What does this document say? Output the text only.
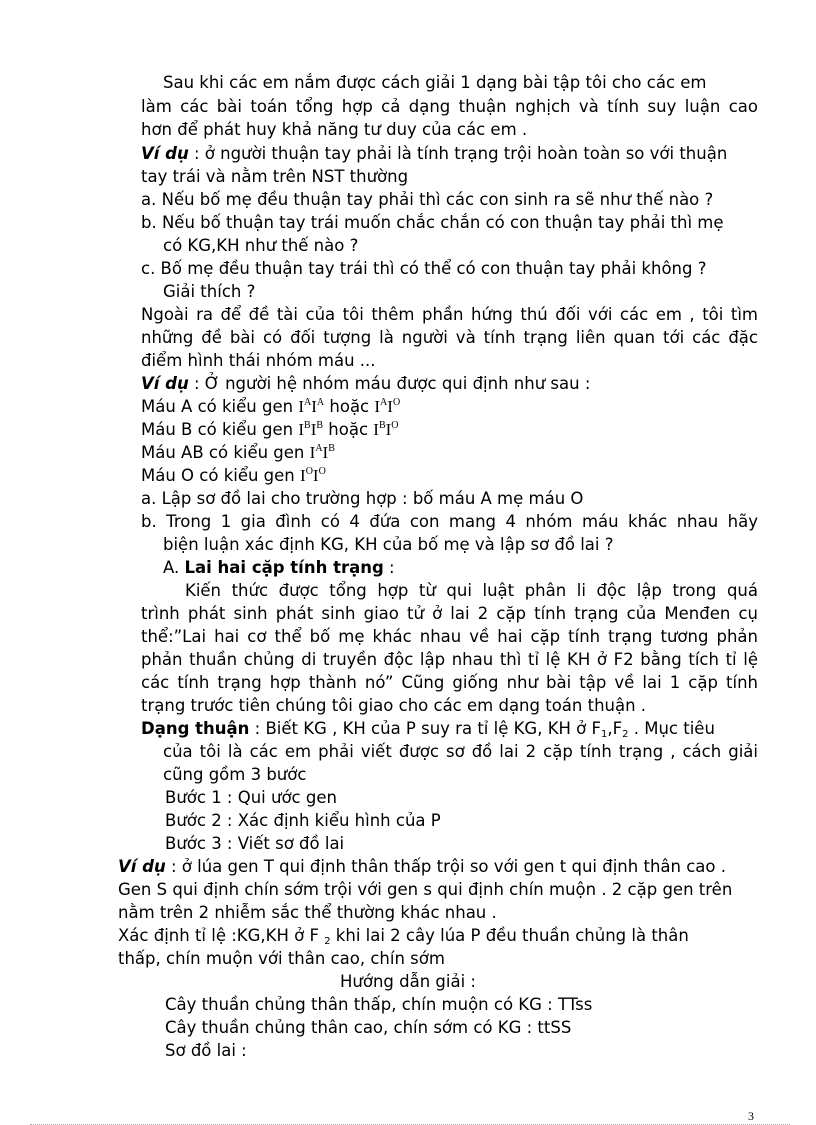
Sau khi các em nắm được cách giải 1 dạng bài tập tôi cho các em
làm các bài toán tổng hợp cả dạng thuận nghịch và tính suy luận cao
hơn để phát huy khả năng tư duy của các em .
Ví dụ : ở người thuận tay phải là tính trạng trội hoàn toàn so với thuận
tay trái và nằm trên NST thường
a. Nếu bố mẹ đều thuận tay phải thì các con sinh ra sẽ như thế nào ?
b. Nếu bố thuận tay trái muốn chắc chắn có con thuận tay phải thì mẹ
có KG,KH như thế nào ?
c. Bố mẹ đều thuận tay trái thì có thể có con thuận tay phải không ?
Giải thích ?
Ngoài ra để đề tài của tôi thêm phần hứng thú đối với các em , tôi tìm
những đề bài có đối tượng là người và tính trạng liên quan tới các đặc
điểm hình thái nhóm máu ...
Ví dụ : Ở người hệ nhóm máu được qui định như sau :
Máu A có kiểu gen $I^AI^A$ hoặc $I^AI^O$
Máu B có kiểu gen $I^BI^B$ hoặc $I^BI^O$
Máu AB có kiểu gen $I^AI^B$
Máu O có kiểu gen $I^OI^O$
a. Lập sơ đồ lai cho trường hợp : bố máu A mẹ máu O
b. Trong 1 gia đình có 4 đứa con mang 4 nhóm máu khác nhau hãy
biện luận xác định KG, KH của bố mẹ và lập sơ đồ lai ?
A. Lai hai cặp tính trạng :
Kiến thức được tổng hợp từ qui luật phân li độc lập trong quá
trình phát sinh phát sinh giao tử ở lai 2 cặp tính trạng của Menđen cụ
thể:”Lai hai cơ thể bố mẹ khác nhau về hai cặp tính trạng tương phản
phản thuần chủng di truyền độc lập nhau thì tỉ lệ KH ở F2 bằng tích tỉ lệ
các tính trạng hợp thành nó” Cũng giống như bài tập về lai 1 cặp tính
trạng trước tiên chúng tôi giao cho các em dạng toán thuận .
Dạng thuận : Biết KG , KH của P suy ra tỉ lệ KG, KH ở $F_1,F_2$ . Mục tiêu
của tôi là các em phải viết được sơ đồ lai 2 cặp tính trạng , cách giải
cũng gồm 3 bước
Bước 1 : Qui ước gen
Bước 2 : Xác định kiểu hình của P
Bước 3 : Viết sơ đồ lai
Ví dụ : ở lúa gen T qui định thân thấp trội so với gen t qui định thân cao .
Gen S qui định chín sớm trội với gen s qui định chín muộn . 2 cặp gen trên
nằm trên 2 nhiễm sắc thể thường khác nhau .
Xác định tỉ lệ :KG,KH ở F $_2$ khi lai 2 cây lúa P đều thuần chủng là thân
thấp, chín muộn với thân cao, chín sớm
Hướng dẫn giải :
Cây thuần chủng thân thấp, chín muộn có KG : TTss
Cây thuần chủng thân cao, chín sớm có KG : ttSS
Sơ đồ lai :
3
